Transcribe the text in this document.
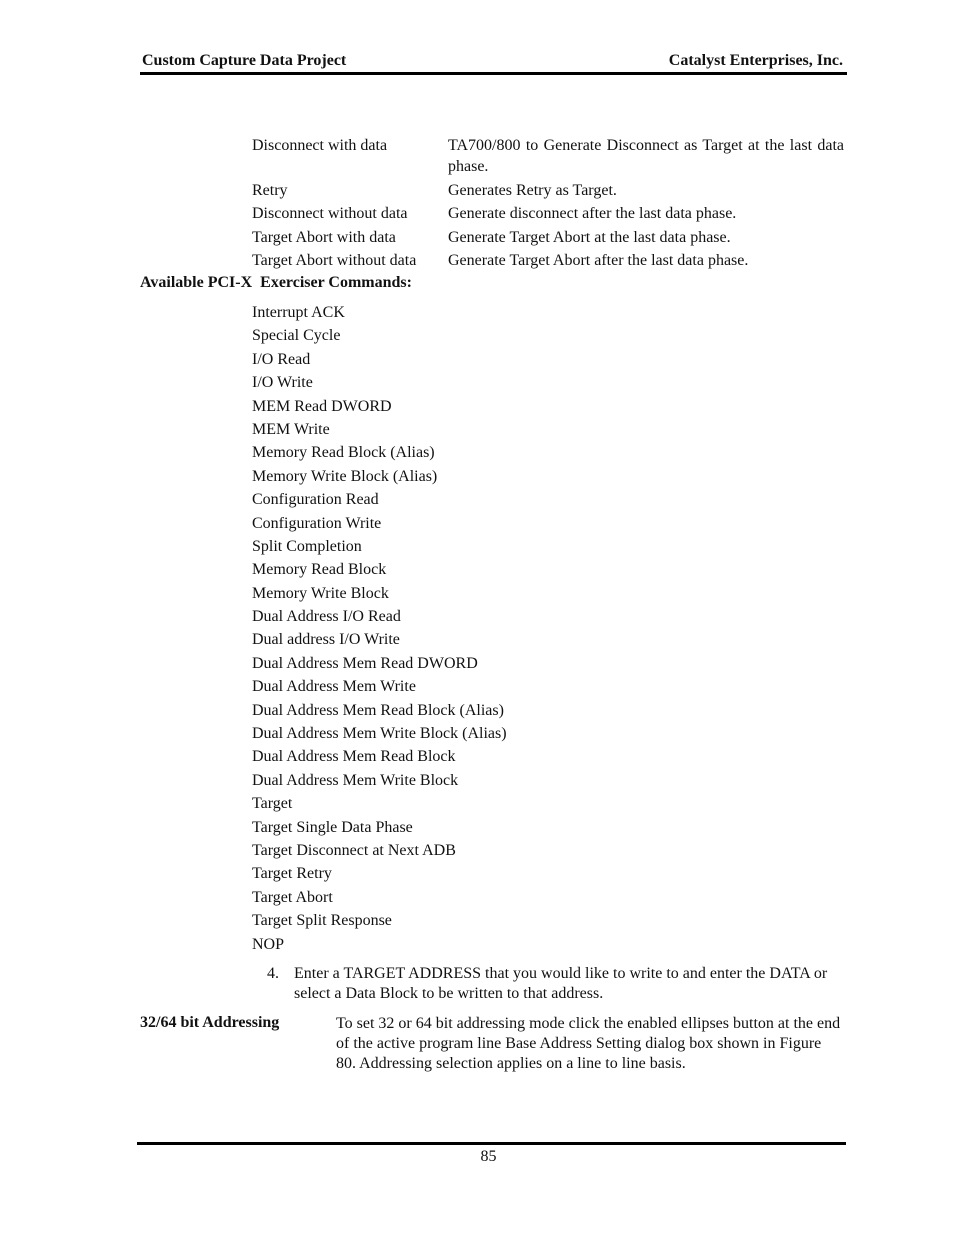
Custom Capture Data Project	Catalyst Enterprises, Inc.
Disconnect with data	TA700/800 to Generate Disconnect as Target at the last data phase.
Retry	Generates Retry as Target.
Disconnect without data	Generate disconnect after the last data phase.
Target Abort with data	Generate Target Abort at the last data phase.
Target Abort without data	Generate Target Abort after the last data phase.
Available PCI-X  Exerciser Commands:
Interrupt ACK
Special Cycle
I/O Read
I/O Write
MEM Read DWORD
MEM Write
Memory Read Block (Alias)
Memory Write Block (Alias)
Configuration Read
Configuration Write
Split Completion
Memory Read Block
Memory Write Block
Dual Address I/O Read
Dual address I/O Write
Dual Address Mem Read DWORD
Dual Address Mem Write
Dual Address Mem Read Block (Alias)
Dual Address Mem Write Block (Alias)
Dual Address Mem Read Block
Dual Address Mem Write Block
Target
Target Single Data Phase
Target Disconnect at Next ADB
Target Retry
Target Abort
Target Split Response
NOP
4. Enter a TARGET ADDRESS that you would like to write to and enter the DATA or select a Data Block to be written to that address.
32/64 bit Addressing	To set 32 or 64 bit addressing mode click the enabled ellipses button at the end of the active program line Base Address Setting dialog box shown in Figure 80. Addressing selection applies on a line to line basis.
85
